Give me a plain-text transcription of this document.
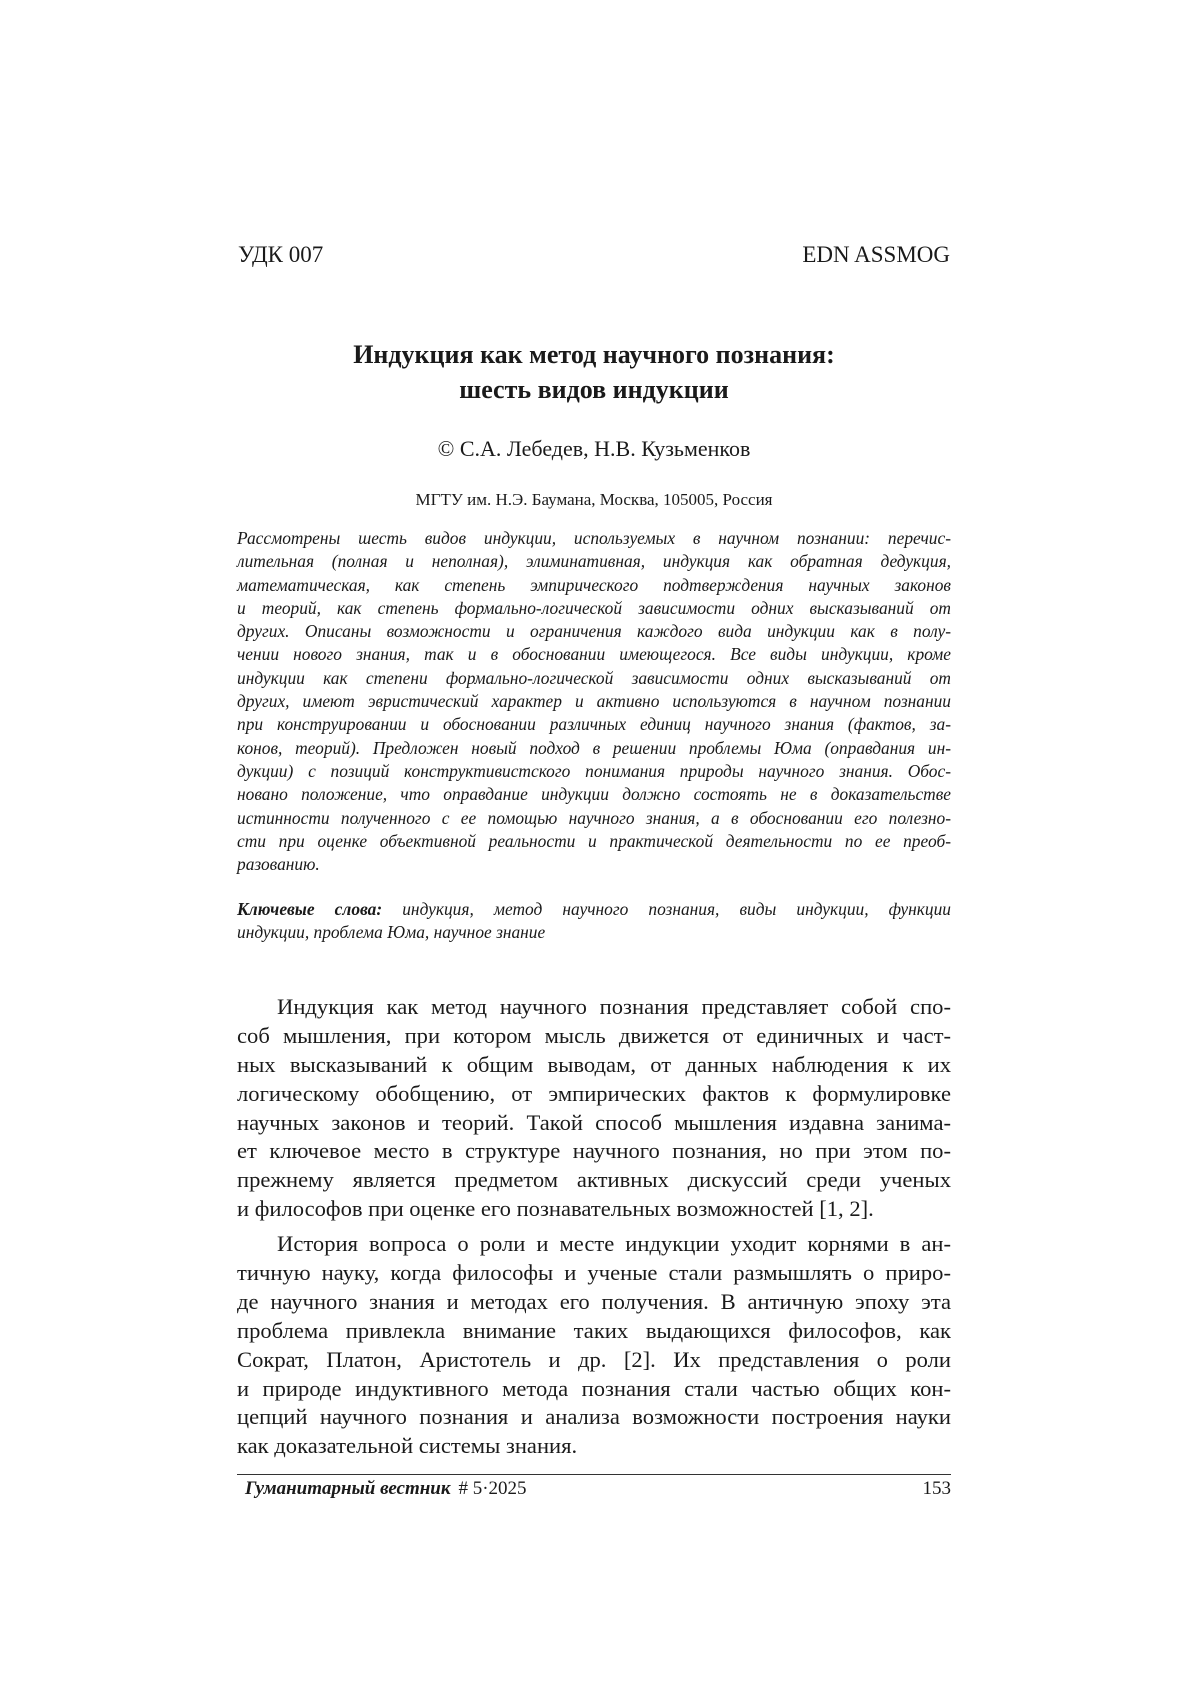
УДК 007	EDN ASSMOG
Индукция как метод научного познания:
шесть видов индукции
© С.А. Лебедев, Н.В. Кузьменков
МГТУ им. Н.Э. Баумана, Москва, 105005, Россия
Рассмотрены шесть видов индукции, используемых в научном познании: перечис-
лительная (полная и неполная), элиминативная, индукция как обратная дедукция,
математическая, как степень эмпирического подтверждения научных законов
и теорий, как степень формально-логической зависимости одних высказываний от
других. Описаны возможности и ограничения каждого вида индукции как в полу-
чении нового знания, так и в обосновании имеющегося. Все виды индукции, кроме
индукции как степени формально-логической зависимости одних высказываний от
других, имеют эвристический характер и активно используются в научном познании
при конструировании и обосновании различных единиц научного знания (фактов, за-
конов, теорий). Предложен новый подход в решении проблемы Юма (оправдания ин-
дукции) с позиций конструктивистского понимания природы научного знания. Обос-
новано положение, что оправдание индукции должно состоять не в доказательстве
истинности полученного с ее помощью научного знания, а в обосновании его полезно-
сти при оценке объективной реальности и практической деятельности по ее преоб-
разованию.
Ключевые слова: индукция, метод научного познания, виды индукции, функции
индукции, проблема Юма, научное знание
Индукция как метод научного познания представляет собой спо-
соб мышления, при котором мысль движется от единичных и част-
ных высказываний к общим выводам, от данных наблюдения к их
логическому обобщению, от эмпирических фактов к формулировке
научных законов и теорий. Такой способ мышления издавна занима-
ет ключевое место в структуре научного познания, но при этом по-
прежнему является предметом активных дискуссий среди ученых
и философов при оценке его познавательных возможностей [1, 2].
История вопроса о роли и месте индукции уходит корнями в ан-
тичную науку, когда философы и ученые стали размышлять о приро-
де научного знания и методах его получения. В античную эпоху эта
проблема привлекла внимание таких выдающихся философов, как
Сократ, Платон, Аристотель и др. [2]. Их представления о роли
и природе индуктивного метода познания стали частью общих кон-
цепций научного познания и анализа возможности построения науки
как доказательной системы знания.
Гуманитарный вестник # 5·2025	153
